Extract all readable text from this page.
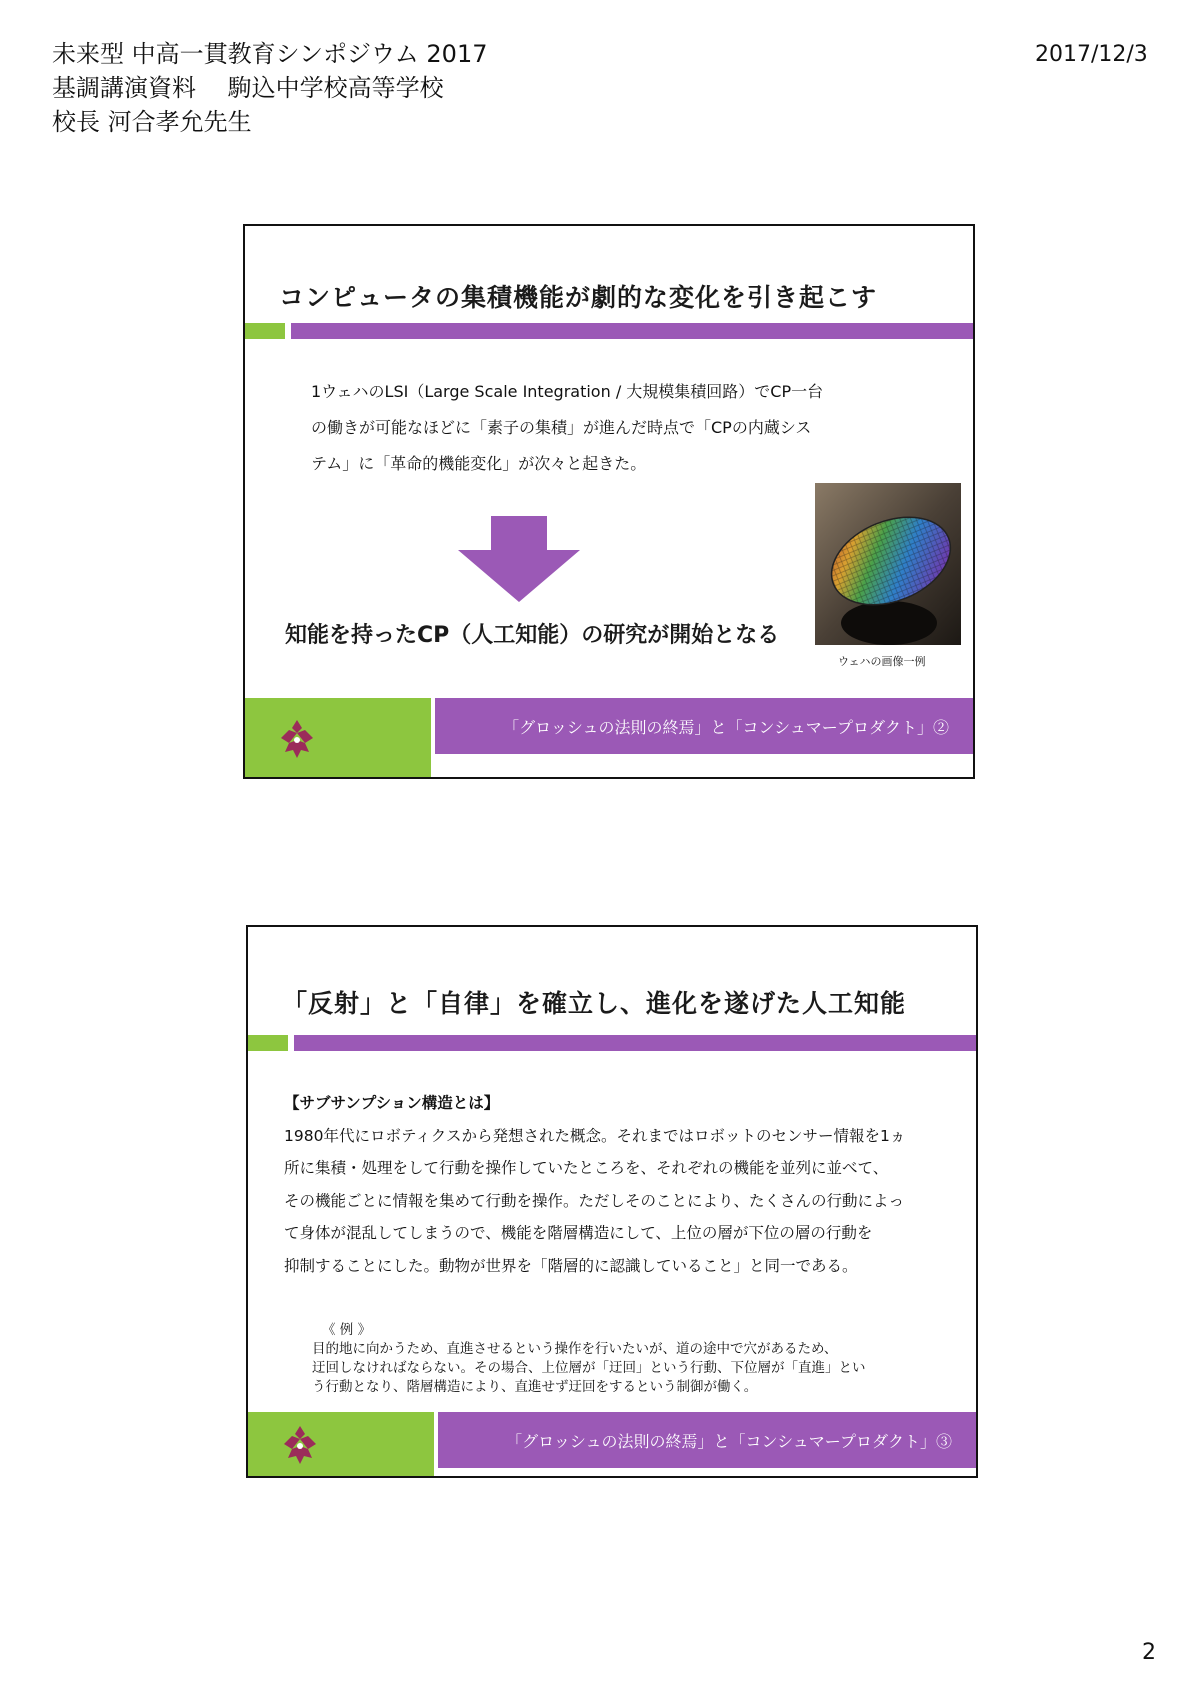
未来型 中高一貫教育シンポジウム 2017
基調講演資料　 駒込中学校高等学校
校長 河合孝允先生
2017/12/3
コンピュータの集積機能が劇的な変化を引き起こす

1ウェハのLSI（Large Scale Integration / 大規模集積回路）でCP一台

の働きが可能なほどに「素子の集積」が進んだ時点で「CPの内蔵シス

テム」に「革命的機能変化」が次々と起きた。

知能を持ったCP（人工知能）の研究が開始となる
ウェハの画像一例
「グロッシュの法則の終焉」と「コンシュマープロダクト」②
「反射」と「自律」を確立し、進化を遂げた人工知能

【サブサンプション構造とは】

1980年代にロボティクスから発想された概念。それまではロボットのセンサー情報を1ヵ

所に集積・処理をして行動を操作していたところを、それぞれの機能を並列に並べて、

その機能ごとに情報を集めて行動を操作。ただしそのことにより、たくさんの行動によっ

て身体が混乱してしまうので、機能を階層構造にして、上位の層が下位の層の行動を

抑制することにした。動物が世界を「階層的に認識していること」と同一である。

《 例 》

目的地に向かうため、直進させるという操作を行いたいが、道の途中で穴があるため、

迂回しなければならない。その場合、上位層が「迂回」という行動、下位層が「直進」とい

う行動となり、階層構造により、直進せず迂回をするという制御が働く。

「グロッシュの法則の終焉」と「コンシュマープロダクト」③
2
